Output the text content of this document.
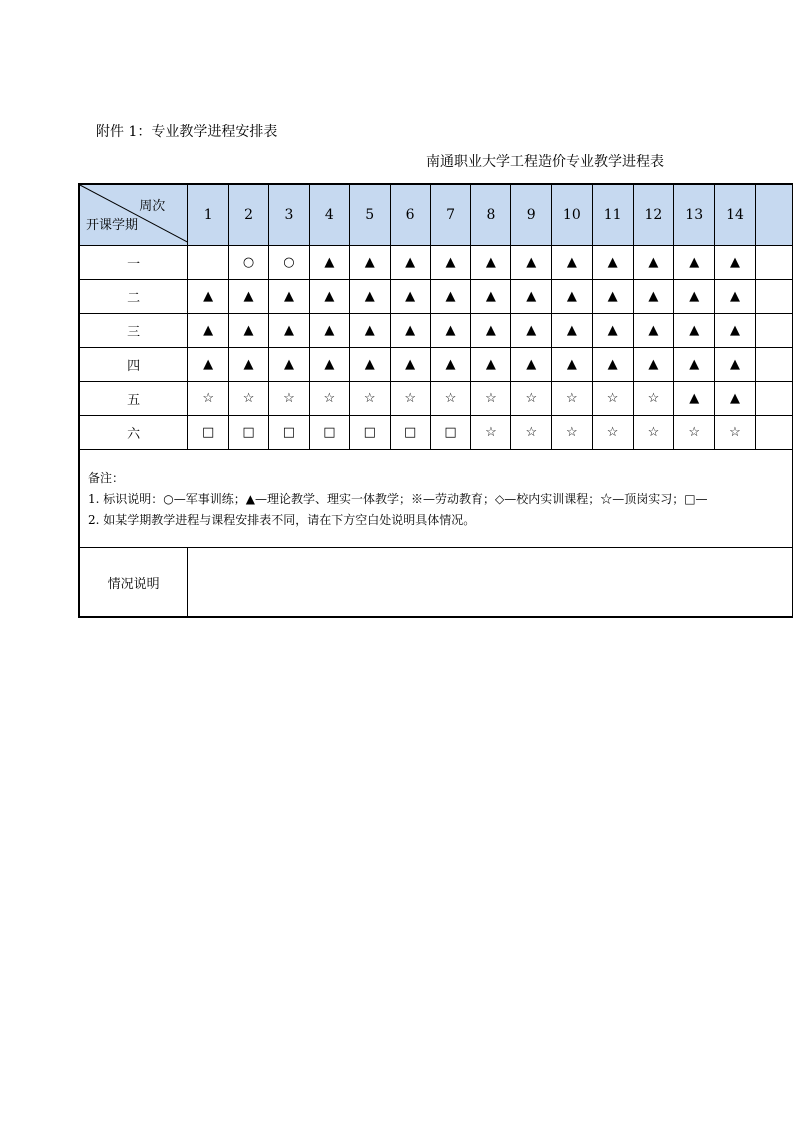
附件 1：专业教学进程安排表
南通职业大学工程造价专业教学进程表
周次
开课学期	1	2	3	4	5	6	7	8	9	10	11	12	13	14	
一		○	○	▲	▲	▲	▲	▲	▲	▲	▲	▲	▲	▲	
二	▲	▲	▲	▲	▲	▲	▲	▲	▲	▲	▲	▲	▲	▲	
三	▲	▲	▲	▲	▲	▲	▲	▲	▲	▲	▲	▲	▲	▲	
四	▲	▲	▲	▲	▲	▲	▲	▲	▲	▲	▲	▲	▲	▲	
五	☆	☆	☆	☆	☆	☆	☆	☆	☆	☆	☆	☆	▲	▲	
六	□	□	□	□	□	□	□	☆	☆	☆	☆	☆	☆	☆	

备注：
1. 标识说明：○—军事训练；▲—理论教学、理实一体教学；※—劳动教育；◇—校内实训课程；☆—顶岗实习；□—
2. 如某学期教学进程与课程安排表不同，请在下方空白处说明具体情况。															

情况说明															
